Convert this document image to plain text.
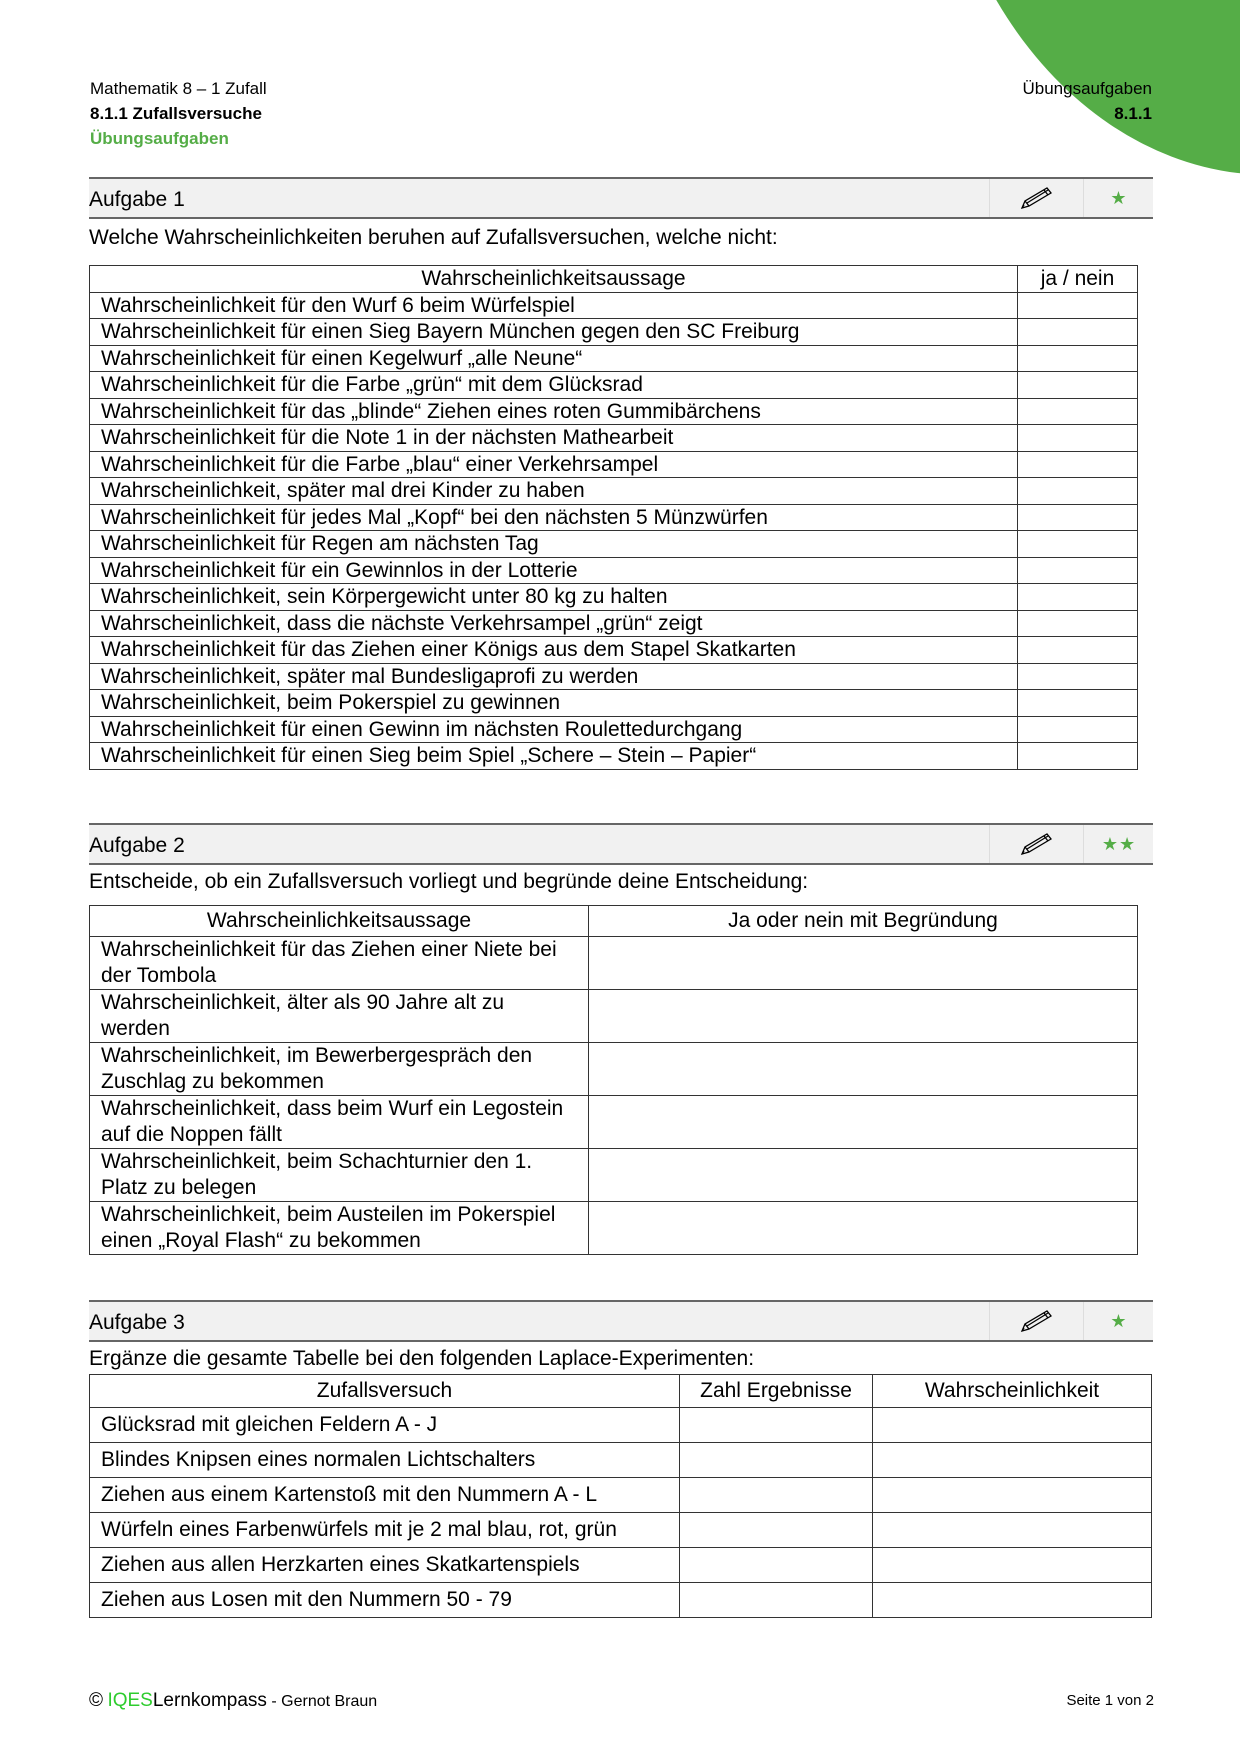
Mathematik 8 – 1 Zufall
8.1.1 Zufallsversuche
Übungsaufgaben
Übungsaufgaben
8.1.1
Aufgabe 1	★
Welche Wahrscheinlichkeiten beruhen auf Zufallsversuchen, welche nicht:
Wahrscheinlichkeitsaussage	ja / nein
Wahrscheinlichkeit für den Wurf 6 beim Würfelspiel	
Wahrscheinlichkeit für einen Sieg Bayern München gegen den SC Freiburg	
Wahrscheinlichkeit für einen Kegelwurf „alle Neune“	
Wahrscheinlichkeit für die Farbe „grün“ mit dem Glücksrad	
Wahrscheinlichkeit für das „blinde“ Ziehen eines roten Gummibärchens	
Wahrscheinlichkeit für die Note 1 in der nächsten Mathearbeit	
Wahrscheinlichkeit für die Farbe „blau“ einer Verkehrsampel	
Wahrscheinlichkeit, später mal drei Kinder zu haben	
Wahrscheinlichkeit für jedes Mal „Kopf“ bei den nächsten 5 Münzwürfen	
Wahrscheinlichkeit für Regen am nächsten Tag	
Wahrscheinlichkeit für ein Gewinnlos in der Lotterie	
Wahrscheinlichkeit, sein Körpergewicht unter 80 kg zu halten	
Wahrscheinlichkeit, dass die nächste Verkehrsampel „grün“ zeigt	
Wahrscheinlichkeit für das Ziehen einer Königs aus dem Stapel Skatkarten	
Wahrscheinlichkeit, später mal Bundesligaprofi zu werden	
Wahrscheinlichkeit, beim Pokerspiel zu gewinnen	
Wahrscheinlichkeit für einen Gewinn im nächsten Roulettedurchgang	
Wahrscheinlichkeit für einen Sieg beim Spiel „Schere – Stein – Papier“	
Aufgabe 2	★★
Entscheide, ob ein Zufallsversuch vorliegt und begründe deine Entscheidung:
Wahrscheinlichkeitsaussage	Ja oder nein mit Begründung
Wahrscheinlichkeit für das Ziehen einer Niete bei der Tombola	
Wahrscheinlichkeit, älter als 90 Jahre alt zu werden	
Wahrscheinlichkeit, im Bewerbergespräch den Zuschlag zu bekommen	
Wahrscheinlichkeit, dass beim Wurf ein Legostein auf die Noppen fällt	
Wahrscheinlichkeit, beim Schachturnier den 1. Platz zu belegen	
Wahrscheinlichkeit, beim Austeilen im Pokerspiel einen „Royal Flash“ zu bekommen	
Aufgabe 3	★
Ergänze die gesamte Tabelle bei den folgenden Laplace-Experimenten:
Zufallsversuch	Zahl Ergebnisse	Wahrscheinlichkeit
Glücksrad mit gleichen Feldern A - J		
Blindes Knipsen eines normalen Lichtschalters		
Ziehen aus einem Kartenstoß mit den Nummern A - L		
Würfeln eines Farbenwürfels mit je 2 mal blau, rot, grün		
Ziehen aus allen Herzkarten eines Skatkartenspiels		
Ziehen aus Losen mit den Nummern 50 - 79		
© IQESLernkompass - Gernot Braun	Seite 1 von 2
